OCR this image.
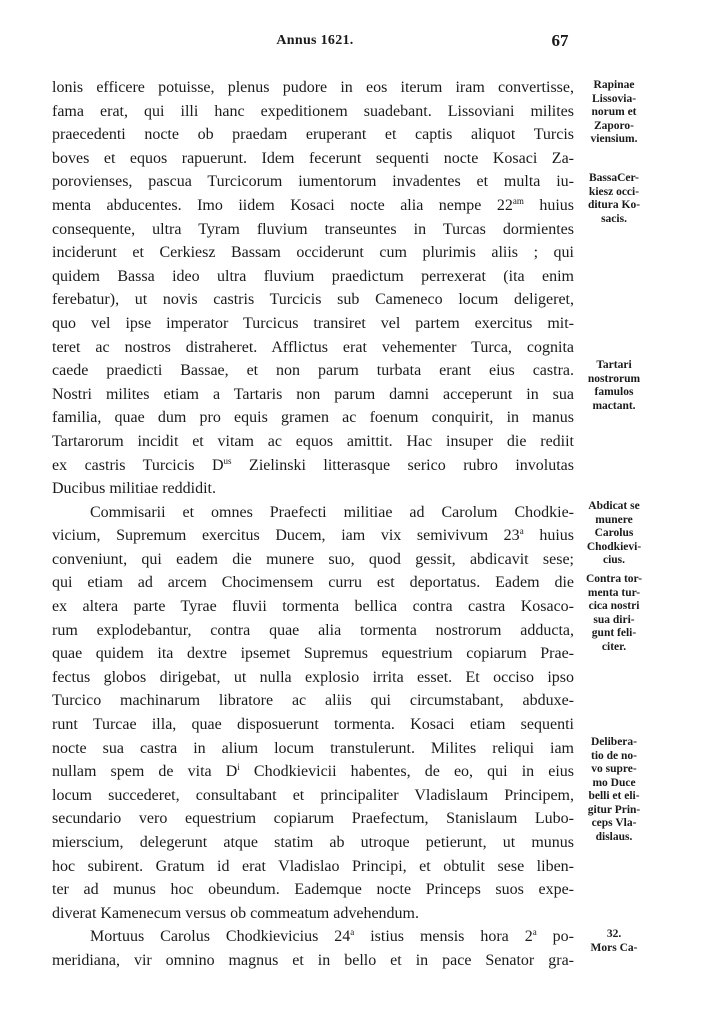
Annus 1621.	67
lonis efficere potuisse, plenus pudore in eos iterum iram convertisse,
fama erat, qui illi hanc expeditionem suadebant. Lissoviani milites
praecedenti nocte ob praedam eruperant et captis aliquot Turcis
boves et equos rapuerunt. Idem fecerunt sequenti nocte Kosaci Za-
porovienses, pascua Turcicorum iumentorum invadentes et multa iu-
menta abducentes. Imo iidem Kosaci nocte alia nempe $22^{am}$ huius
consequente, ultra Tyram fluvium transeuntes in Turcas dormientes
inciderunt et Cerkiesz Bassam occiderunt cum plurimis aliis ; qui
quidem Bassa ideo ultra fluvium praedictum perrexerat (ita enim
ferebatur), ut novis castris Turcicis sub Cameneco locum deligeret,
quo vel ipse imperator Turcicus transiret vel partem exercitus mit-
teret ac nostros distraheret. Afflictus erat vehementer Turca, cognita
caede praedicti Bassae, et non parum turbata erant eius castra.
Nostri milites etiam a Tartaris non parum damni acceperunt in sua
familia, quae dum pro equis gramen ac foenum conquirit, in manus
Tartarorum incidit et vitam ac equos amittit. Hac insuper die rediit
ex castris Turcicis $D^{us}$ Zielinski litterasque serico rubro involutas
Ducibus militiae reddidit.
Commisarii et omnes Praefecti militiae ad Carolum Chodkie-
vicium, Supremum exercitus Ducem, iam vix semivivum 23$^a$ huius
conveniunt, qui eadem die munere suo, quod gessit, abdicavit sese;
qui etiam ad arcem Chocimensem curru est deportatus. Eadem die
ex altera parte Tyrae fluvii tormenta bellica contra castra Kosaco-
rum explodebantur, contra quae alia tormenta nostrorum adducta,
quae quidem ita dextre ipsemet Supremus equestrium copiarum Prae-
fectus globos dirigebat, ut nulla explosio irrita esset. Et occiso ipso
Turcico machinarum libratore ac aliis qui circumstabant, abduxe-
runt Turcae illa, quae disposuerunt tormenta. Kosaci etiam sequenti
nocte sua castra in alium locum transtulerunt. Milites reliqui iam
nullam spem de vita $D^i$ Chodkievicii habentes, de eo, qui in eius
locum succederet, consultabant et principaliter Vladislaum Principem,
secundario vero equestrium copiarum Praefectum, Stanislaum Lubo-
mierscium, delegerunt atque statim ab utroque petierunt, ut munus
hoc subirent. Gratum id erat Vladislao Principi, et obtulit sese liben-
ter ad munus hoc obeundum. Eademque nocte Princeps suos expe-
diverat Kamenecum versus ob commeatum advehendum.
Mortuus Carolus Chodkievicius 24$^a$ istius mensis hora 2$^a$ po-
meridiana, vir omnino magnus et in bello et in pace Senator gra-
Rapinae
Lissovia-
norum et
Zaporo-
viensium.
BassaCer-
kiesz occi-
ditura Ko-
sacis.
Tartari
nostrorum
famulos
mactant.
Abdicat se
munere
Carolus
Chodkievi-
cius.
Contra tor-
menta tur-
cica nostri
sua diri-
gunt feli-
citer.
Delibera-
tio de no-
vo supre-
mo Duce
belli et eli-
gitur Prin-
ceps Vla-
dislaus.
32.
Mors Ca-
